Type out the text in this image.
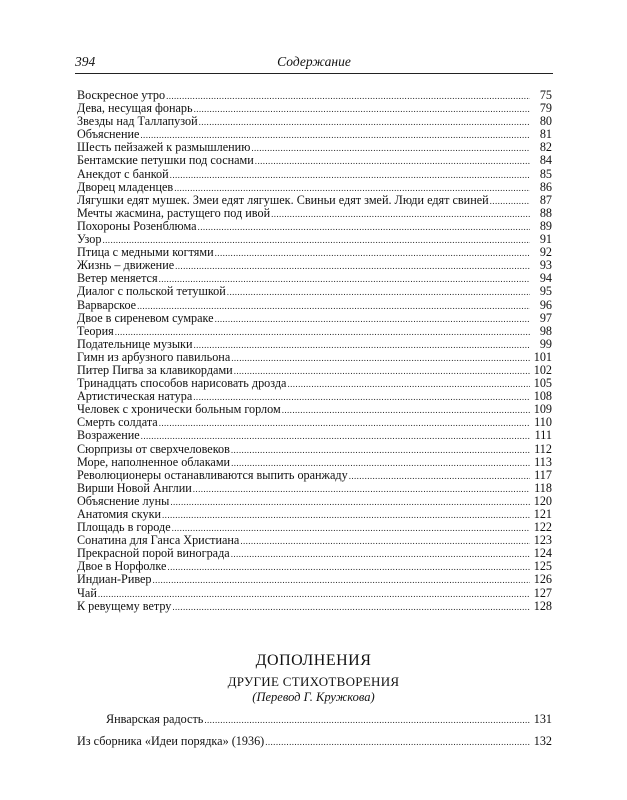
394	Содержание
Воскресное утро .....	75
Дева, несущая фонарь .....	79
Звезды над Таллапузой .....	80
Объяснение .....	81
Шесть пейзажей к размышлению .....	82
Бентамские петушки под соснами .....	84
Анекдот с банкой .....	85
Дворец младенцев .....	86
Лягушки едят мушек. Змеи едят лягушек. Свиньи едят змей. Люди едят свиней .....	87
Мечты жасмина, растущего под ивой .....	88
Похороны Розенблюма .....	89
Узор .....	91
Птица с медными когтями .....	92
Жизнь – движение .....	93
Ветер меняется .....	94
Диалог с польской тетушкой .....	95
Варварское .....	96
Двое в сиреневом сумраке .....	97
Теория .....	98
Подательнице музыки .....	99
Гимн из арбузного павильона .....	101
Питер Пигва за клавикордами .....	102
Тринадцать способов нарисовать дрозда .....	105
Артистическая натура .....	108
Человек с хронически больным горлом .....	109
Смерть солдата .....	110
Возражение .....	111
Сюрпризы от сверхчеловеков .....	112
Море, наполненное облаками .....	113
Революционеры останавливаются выпить оранжаду .....	117
Вирши Новой Англии .....	118
Объяснение луны .....	120
Анатомия скуки .....	121
Площадь в городе .....	122
Сонатина для Ганса Христиана .....	123
Прекрасной порой винограда .....	124
Двое в Норфолке .....	125
Индиан-Ривер .....	126
Чай .....	127
К ревущему ветру .....	128
ДОПОЛНЕНИЯ
ДРУГИЕ СТИХОТВОРЕНИЯ
(Перевод Г. Кружкова)
Январская радость .....	131
Из сборника «Идеи порядка» (1936) .....	132
